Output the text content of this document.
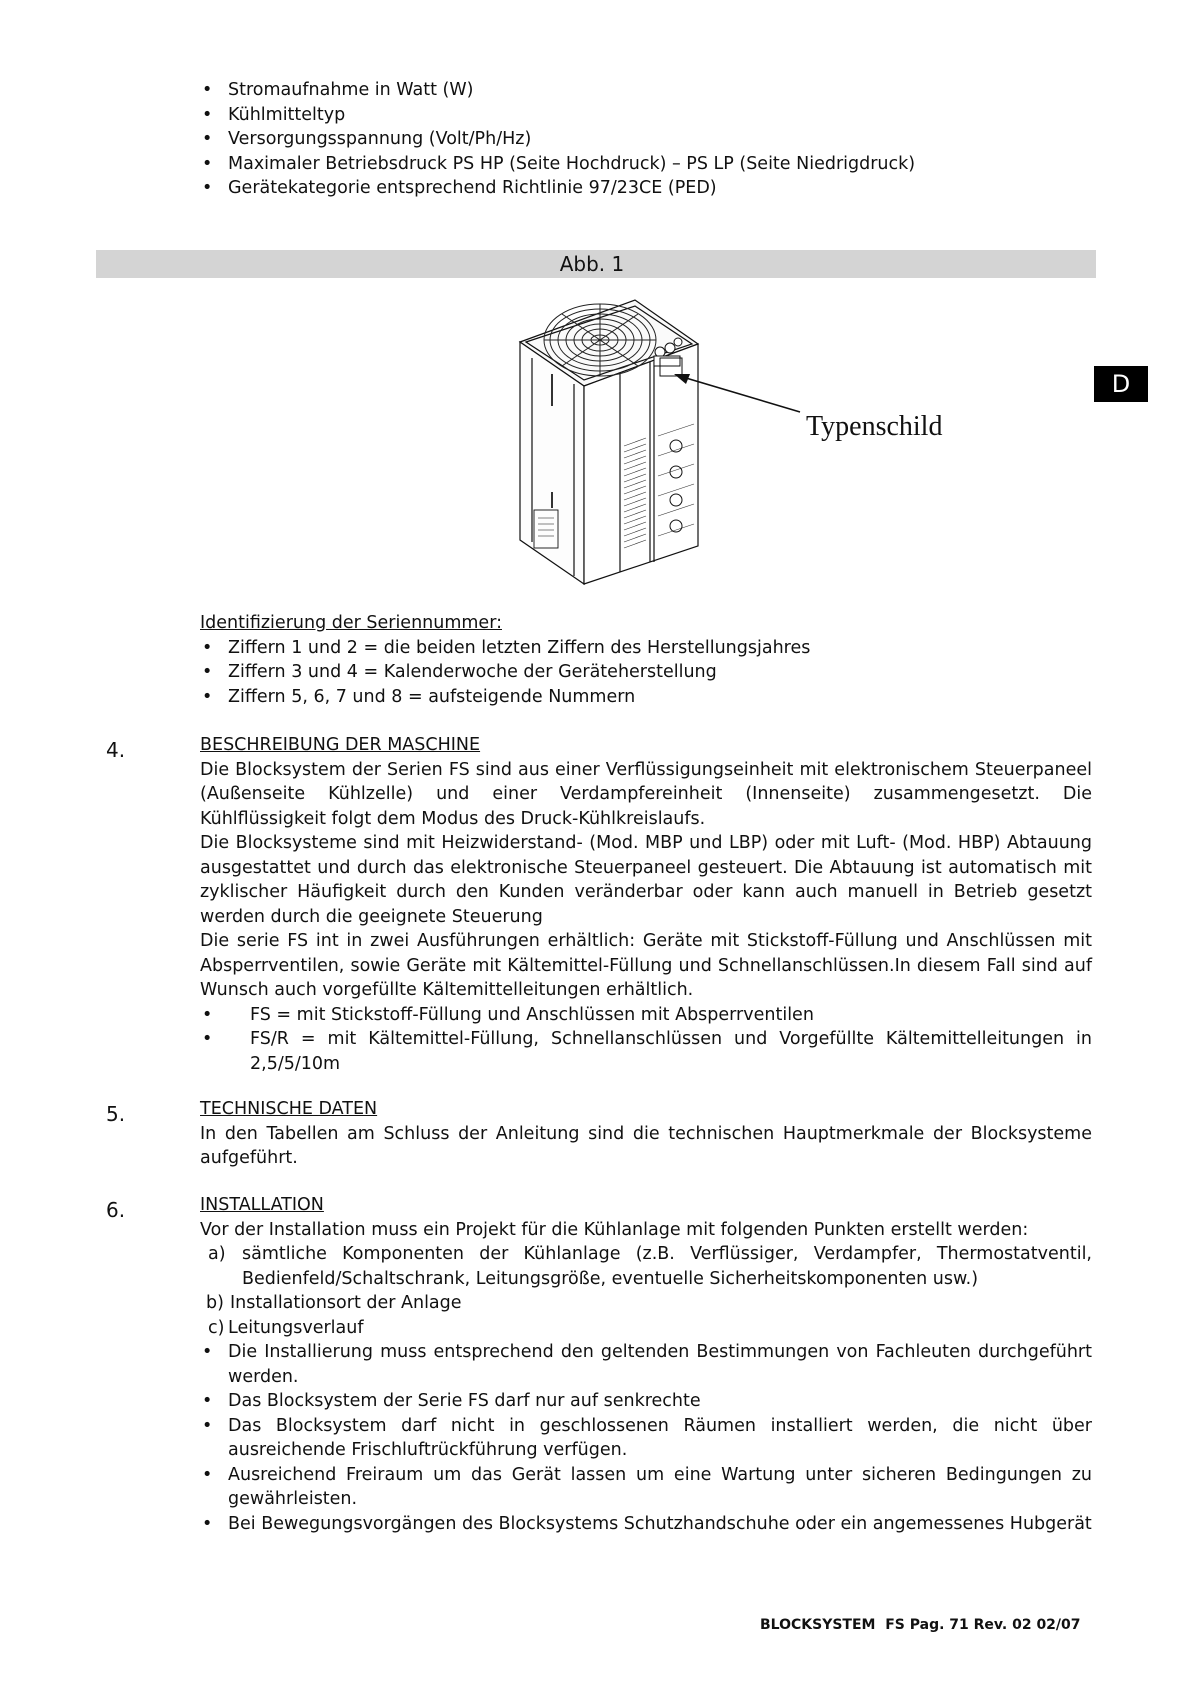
• Stromaufnahme in Watt (W)
• Kühlmitteltyp
• Versorgungsspannung (Volt/Ph/Hz)
• Maximaler Betriebsdruck PS HP (Seite Hochdruck) – PS LP (Seite Niedrigdruck)
• Gerätekategorie entsprechend Richtlinie 97/23CE (PED)
Abb. 1
D
Typenschild
Identifizierung der Seriennummer:
• Ziffern 1 und 2 = die beiden letzten Ziffern des Herstellungsjahres
• Ziffern 3 und 4 = Kalenderwoche der Geräteherstellung
• Ziffern 5, 6, 7 und 8 = aufsteigende Nummern
4.	BESCHREIBUNG DER MASCHINE
Die Blocksystem der Serien FS sind aus einer Verflüssigungseinheit mit elektronischem Steuerpaneel (Außenseite Kühlzelle) und einer Verdampfereinheit (Innenseite) zusammengesetzt. Die Kühlflüssigkeit folgt dem Modus des Druck-Kühlkreislaufs.
Die Blocksysteme sind mit Heizwiderstand- (Mod. MBP und LBP) oder mit Luft- (Mod. HBP) Abtauung ausgestattet und durch das elektronische Steuerpaneel gesteuert. Die Abtauung ist automatisch mit zyklischer Häufigkeit durch den Kunden veränderbar oder kann auch manuell in Betrieb gesetzt werden durch die geeignete Steuerung
Die serie FS int in zwei Ausführungen erhältlich: Geräte mit Stickstoff-Füllung und Anschlüssen mit Absperrventilen, sowie Geräte mit Kältemittel-Füllung und Schnellanschlüssen.In diesem Fall sind auf Wunsch auch vorgefüllte Kältemittelleitungen erhältlich.
• FS = mit Stickstoff-Füllung und Anschlüssen mit Absperrventilen
• FS/R = mit Kältemittel-Füllung, Schnellanschlüssen und Vorgefüllte Kältemittelleitungen in 2,5/5/10m
5.	TECHNISCHE DATEN
In den Tabellen am Schluss der Anleitung sind die technischen Hauptmerkmale der Blocksysteme aufgeführt.
6.	INSTALLATION
Vor der Installation muss ein Projekt für die Kühlanlage mit folgenden Punkten erstellt werden:
a) sämtliche Komponenten der Kühlanlage (z.B. Verflüssiger, Verdampfer, Thermostatventil, Bedienfeld/Schaltschrank, Leitungsgröße, eventuelle Sicherheitskomponenten usw.)
b) Installationsort der Anlage
c) Leitungsverlauf
• Die Installierung muss entsprechend den geltenden Bestimmungen von Fachleuten durchgeführt werden.
• Das Blocksystem der Serie FS darf nur auf senkrechte
• Das Blocksystem darf nicht in geschlossenen Räumen installiert werden, die nicht über ausreichende Frischluftrückführung verfügen.
• Ausreichend Freiraum um das Gerät lassen um eine Wartung unter sicheren Bedingungen zu gewährleisten.
• Bei Bewegungsvorgängen des Blocksystems Schutzhandschuhe oder ein angemessenes Hubgerät
BLOCKSYSTEM  FS Pag. 71 Rev. 02 02/07
